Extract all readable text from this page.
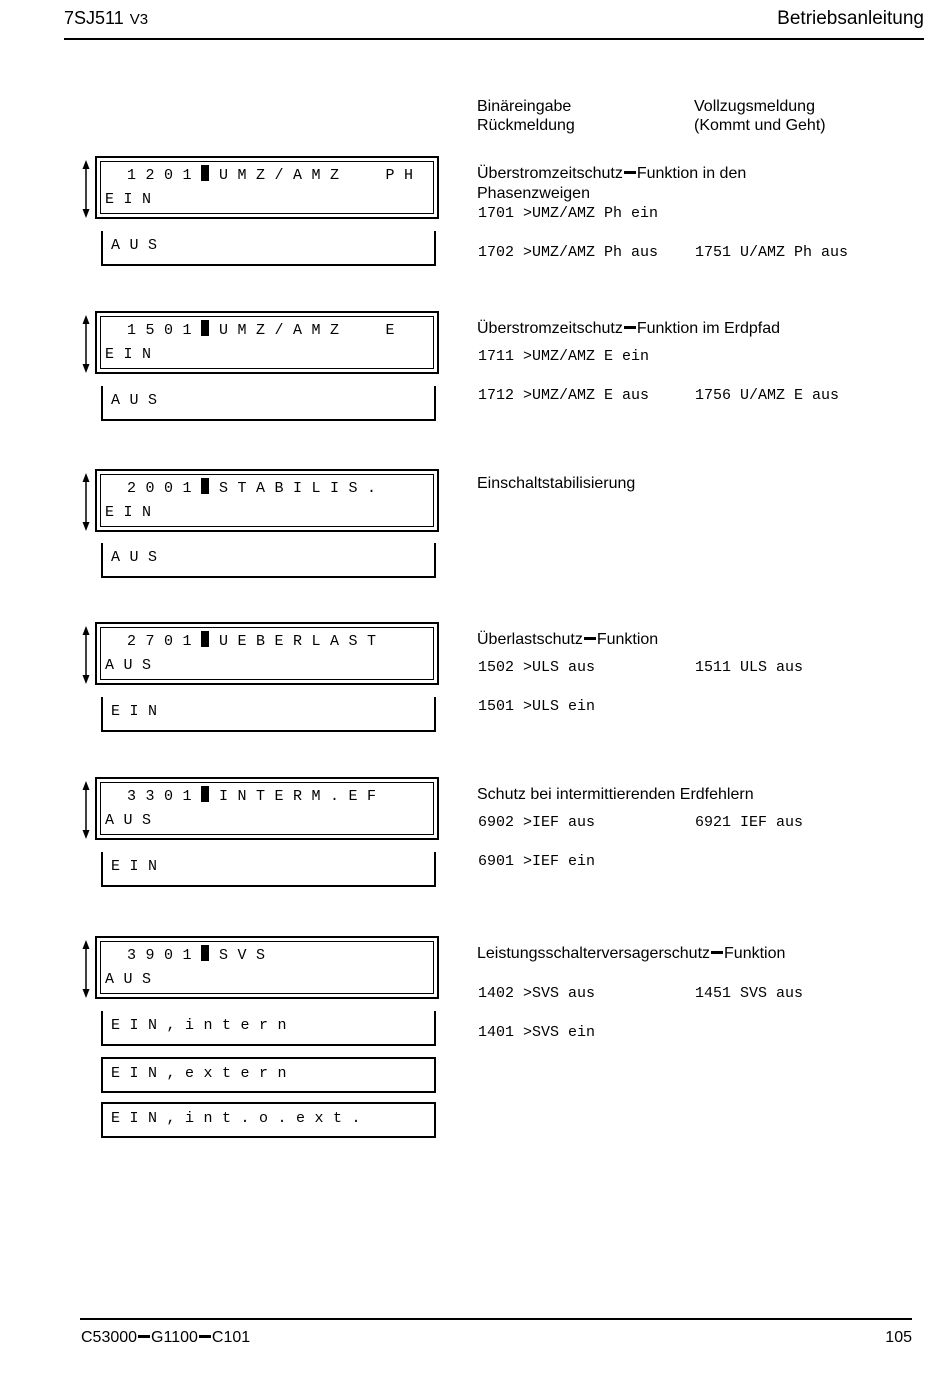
7SJ511 V3	Betriebsanleitung
Binäreingabe
Rückmeldung
Vollzugsmeldung
(Kommt und Geht)
1201 UMZ/AMZ  PH
EIN
AUS
Überstromzeitschutz Funktion in den Phasenzweigen
1701 >UMZ/AMZ Ph ein
1702 >UMZ/AMZ Ph aus 1751 U/AMZ Ph aus
1501 UMZ/AMZ  E
EIN
AUS
Überstromzeitschutz Funktion im Erdpfad
1711 >UMZ/AMZ E ein
1712 >UMZ/AMZ E aus	1756 U/AMZ E aus
2001 STABILIS.
EIN
AUS
Einschaltstabilisierung
2701 UEBERLAST
AUS
EIN
Überlastschutz Funktion
1502 >ULS aus	1511 ULS aus
1501 >ULS ein
3301 INTERM.EF
AUS
EIN
Schutz bei intermittierenden Erdfehlern
6902 >IEF aus	6921 IEF aus
6901 >IEF ein
3901 SVS
AUS
EIN,intern
EIN,extern
EIN,int.o.ext.
Leistungsschalterversagerschutz Funktion
1402 >SVS aus	1451 SVS aus
1401 >SVS ein
C53000 G1100 C101	105
